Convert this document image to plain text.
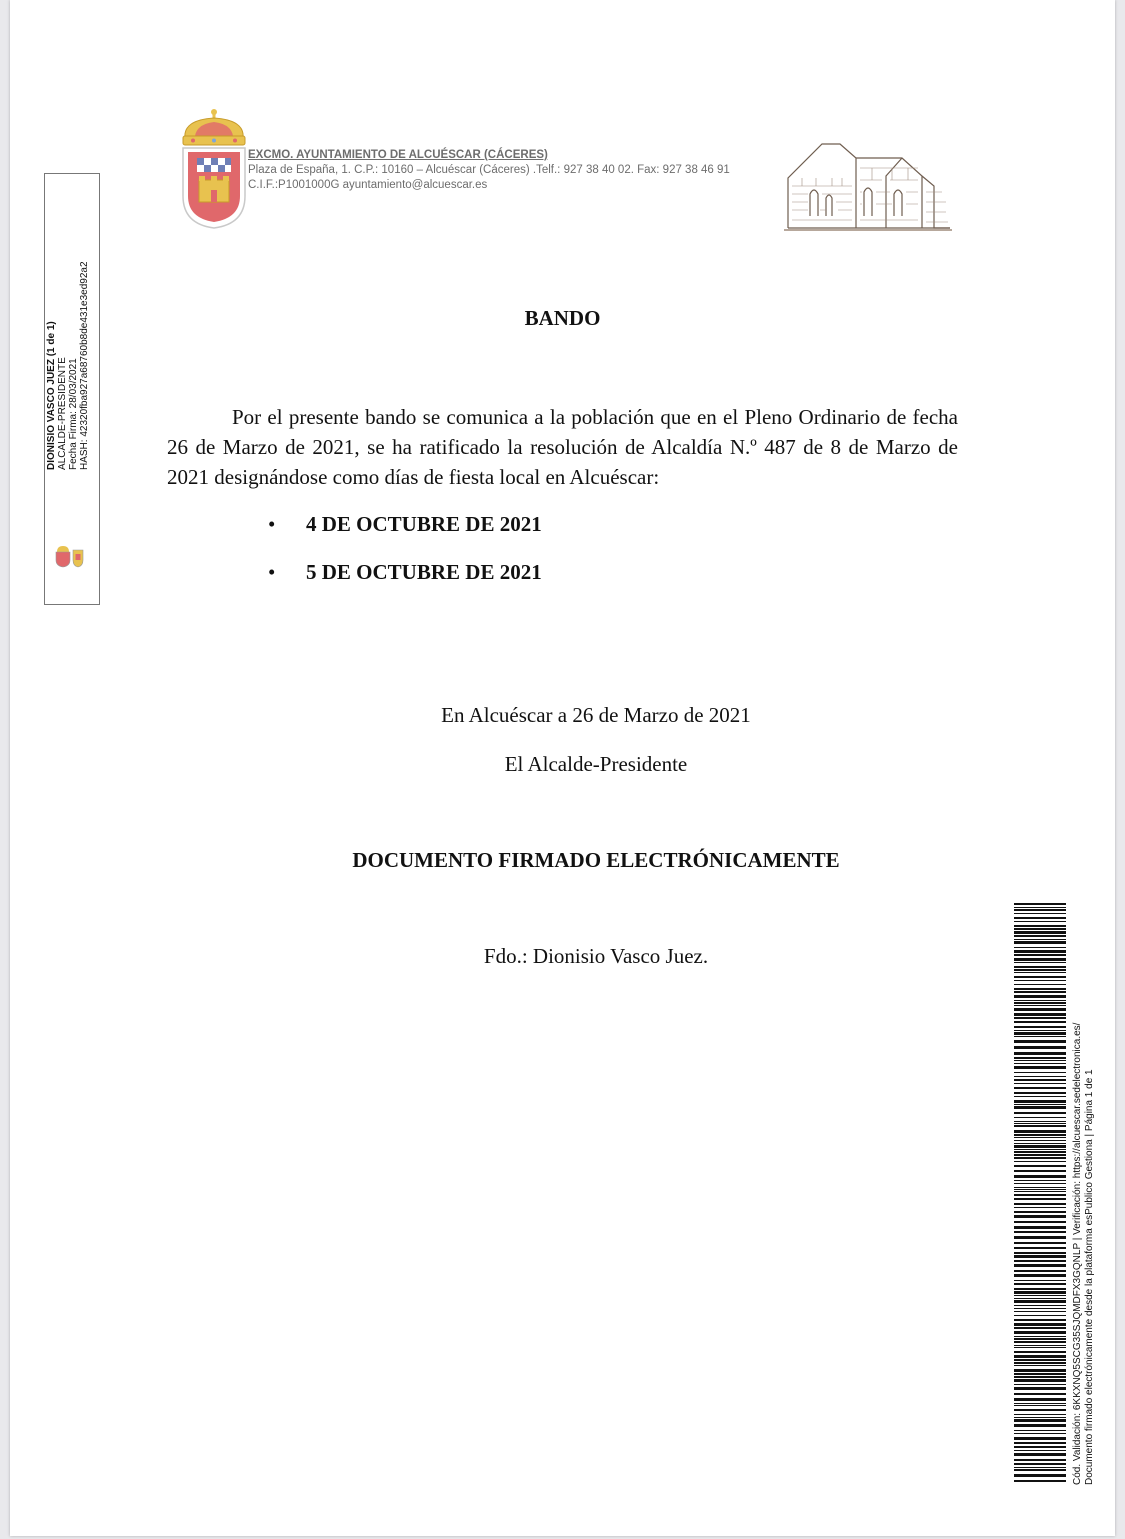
EXCMO. AYUNTAMIENTO DE ALCUÉSCAR (CÁCERES)
Plaza de España, 1. C.P.: 10160 – Alcuéscar (Cáceres) .Telf.: 927 38 40 02. Fax: 927 38 46 91
C.I.F.:P1001000G ayuntamiento@alcuescar.es
DIONISIO VASCO JUEZ (1 de 1) ALCALDE-PRESIDENTE Fecha Firma: 28/03/2021 HASH: 42320fba927a68760b8de431e3ed92a2	BANDO

Por el presente bando se comunica a la población que en el Pleno Ordinario de fecha 26 de Marzo de 2021, se ha ratificado la resolución de Alcaldía N.º 487 de 8 de Marzo de 2021 designándose como días de fiesta local en Alcuéscar:

• 4 DE OCTUBRE DE 2021
• 5 DE OCTUBRE DE 2021
En Alcuéscar a 26 de Marzo de 2021
El Alcalde-Presidente
DOCUMENTO FIRMADO ELECTRÓNICAMENTE
Fdo.: Dionisio Vasco Juez.
Cód. Validación: 6KKXNQ5SCG35SJQMDFX3GQNLP | Verificación: https://alcuescar.sedelectronica.es/ Documento firmado electrónicamente desde la plataforma esPublico Gestiona | Página 1 de 1
